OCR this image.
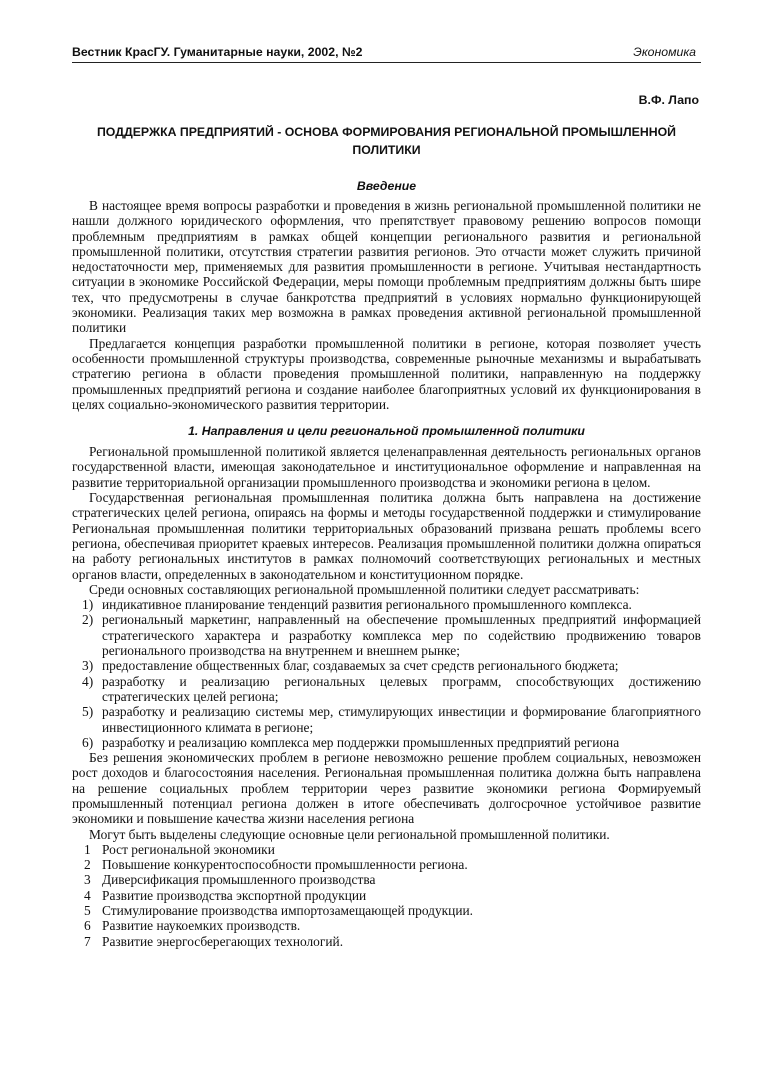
Вестник КрасГУ. Гуманитарные науки, 2002, №2	Экономика
В.Ф. Лапо
ПОДДЕРЖКА ПРЕДПРИЯТИЙ - ОСНОВА ФОРМИРОВАНИЯ РЕГИОНАЛЬНОЙ ПРОМЫШЛЕННОЙ ПОЛИТИКИ
Введение

В настоящее время вопросы разработки и проведения в жизнь региональной промышленной политики не нашли должного юридического оформления, что препятствует правовому решению вопросов помощи проблемным предприятиям в рамках общей концепции регионального развития и региональной промышленной политики, отсутствия стратегии развития регионов. Это отчасти может служить причиной недостаточности мер, применяемых для развития промышленности в регионе. Учитывая нестандартность ситуации в экономике Российской Федерации, меры помощи проблемным предприятиям должны быть шире тех, что предусмотрены в случае банкротства предприятий в условиях нормально функционирующей экономики. Реализация таких мер возможна в рамках проведения активной региональной промышленной политики

Предлагается концепция разработки промышленной политики в регионе, которая позволяет учесть особенности промышленной структуры производства, современные рыночные механизмы и вырабатывать стратегию региона в области проведения промышленной политики, направленную на поддержку промышленных предприятий региона и создание наиболее благоприятных условий их функционирования в целях социально-экономического развития территории.

1. Направления и цели региональной промышленной политики

Региональной промышленной политикой является целенаправленная деятельность региональных органов государственной власти, имеющая законодательное и институциональное оформление и направленная на развитие территориальной организации промышленного производства и экономики региона в целом.

Государственная региональная промышленная политика должна быть направлена на достижение стратегических целей региона, опираясь на формы и методы государственной поддержки и стимулирование Региональная промышленная политики территориальных образований призвана решать проблемы всего региона, обеспечивая приоритет краевых интересов. Реализация промышленной политики должна опираться на работу региональных институтов в рамках полномочий соответствующих региональных и местных органов власти, определенных в законодательном и конституционном порядке.

Среди основных составляющих региональной промышленной политики следует рассматривать:

1) индикативное планирование тенденций развития регионального промышленного комплекса.
2) региональный маркетинг, направленный на обеспечение промышленных предприятий информацией стратегического характера и разработку комплекса мер по содействию продвижению товаров регионального производства на внутреннем и внешнем рынке;
3) предоставление общественных благ, создаваемых за счет средств регионального бюджета;
4) разработку и реализацию региональных целевых программ, способствующих достижению стратегических целей региона;
5) разработку и реализацию системы мер, стимулирующих инвестиции и формирование благоприятного инвестиционного климата в регионе;
6) разработку и реализацию комплекса мер поддержки промышленных предприятий региона

Без решения экономических проблем в регионе невозможно решение проблем социальных, невозможен рост доходов и благосостояния населения. Региональная промышленная политика должна быть направлена на решение социальных проблем территории через развитие экономики региона Формируемый промышленный потенциал региона должен в итоге обеспечивать долгосрочное устойчивое развитие экономики и повышение качества жизни населения региона

Могут быть выделены следующие основные цели региональной промышленной политики.

1 Рост региональной экономики
2 Повышение конкурентоспособности промышленности региона.
3 Диверсификация промышленного производства
4 Развитие производства экспортной продукции
5 Стимулирование производства импортозамещающей продукции.
6 Развитие наукоемких производств.
7 Развитие энергосберегающих технологий.
